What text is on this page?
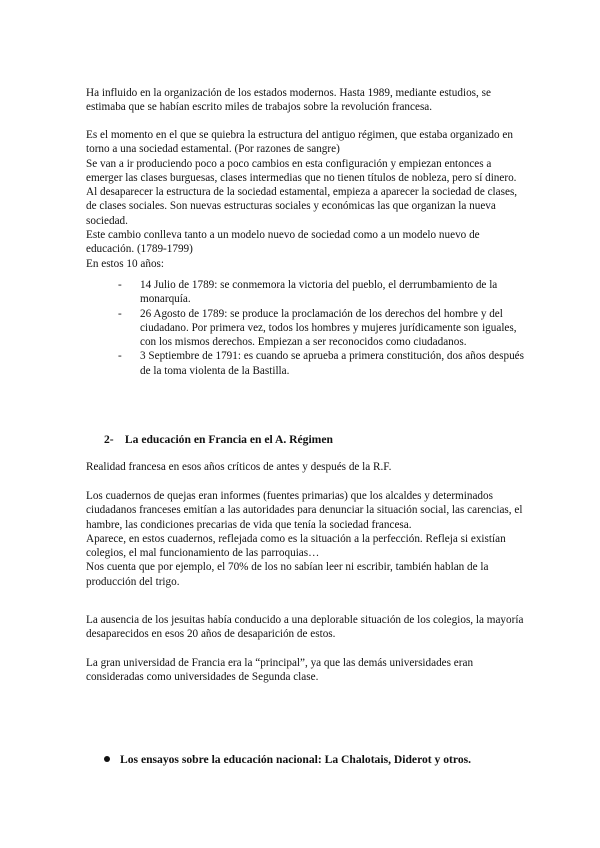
Ha influido en la organización de los estados modernos. Hasta 1989, mediante estudios, se estimaba que se habían escrito miles de trabajos sobre la revolución francesa.

Es el momento en el que se quiebra la estructura del antiguo régimen, que estaba organizado en torno a una sociedad estamental. (Por razones de sangre)
Se van a ir produciendo poco a poco cambios en esta configuración y empiezan entonces a emerger las clases burguesas, clases intermedias que no tienen títulos de nobleza, pero sí dinero.
Al desaparecer la estructura de la sociedad estamental, empieza a aparecer la sociedad de clases, de clases sociales. Son nuevas estructuras sociales y económicas las que organizan la nueva sociedad.
Este cambio conlleva tanto a un modelo nuevo de sociedad como a un modelo nuevo de educación. (1789-1799)
En estos 10 años:

- 14 Julio de 1789: se conmemora la victoria del pueblo, el derrumbamiento de la monarquía.
- 26 Agosto de 1789: se produce la proclamación de los derechos del hombre y del ciudadano. Por primera vez, todos los hombres y mujeres jurídicamente son iguales, con los mismos derechos. Empiezan a ser reconocidos como ciudadanos.
- 3 Septiembre de 1791: es cuando se aprueba a primera constitución, dos años después de la toma violenta de la Bastilla.

2- La educación en Francia en el A. Régimen

Realidad francesa en esos años críticos de antes y después de la R.F.

Los cuadernos de quejas eran informes (fuentes primarias) que los alcaldes y determinados ciudadanos franceses emitían a las autoridades para denunciar la situación social, las carencias, el hambre, las condiciones precarias de vida que tenía la sociedad francesa.
Aparece, en estos cuadernos, reflejada como es la situación a la perfección. Refleja si existían colegios, el mal funcionamiento de las parroquias…
Nos cuenta que por ejemplo, el 70% de los no sabían leer ni escribir, también hablan de la producción del trigo.

La ausencia de los jesuitas había conducido a una deplorable situación de los colegios, la mayoría desaparecidos en esos 20 años de desaparición de estos.

La gran universidad de Francia era la “principal”, ya que las demás universidades eran consideradas como universidades de Segunda clase.

Los ensayos sobre la educación nacional: La Chalotais, Diderot y otros.
